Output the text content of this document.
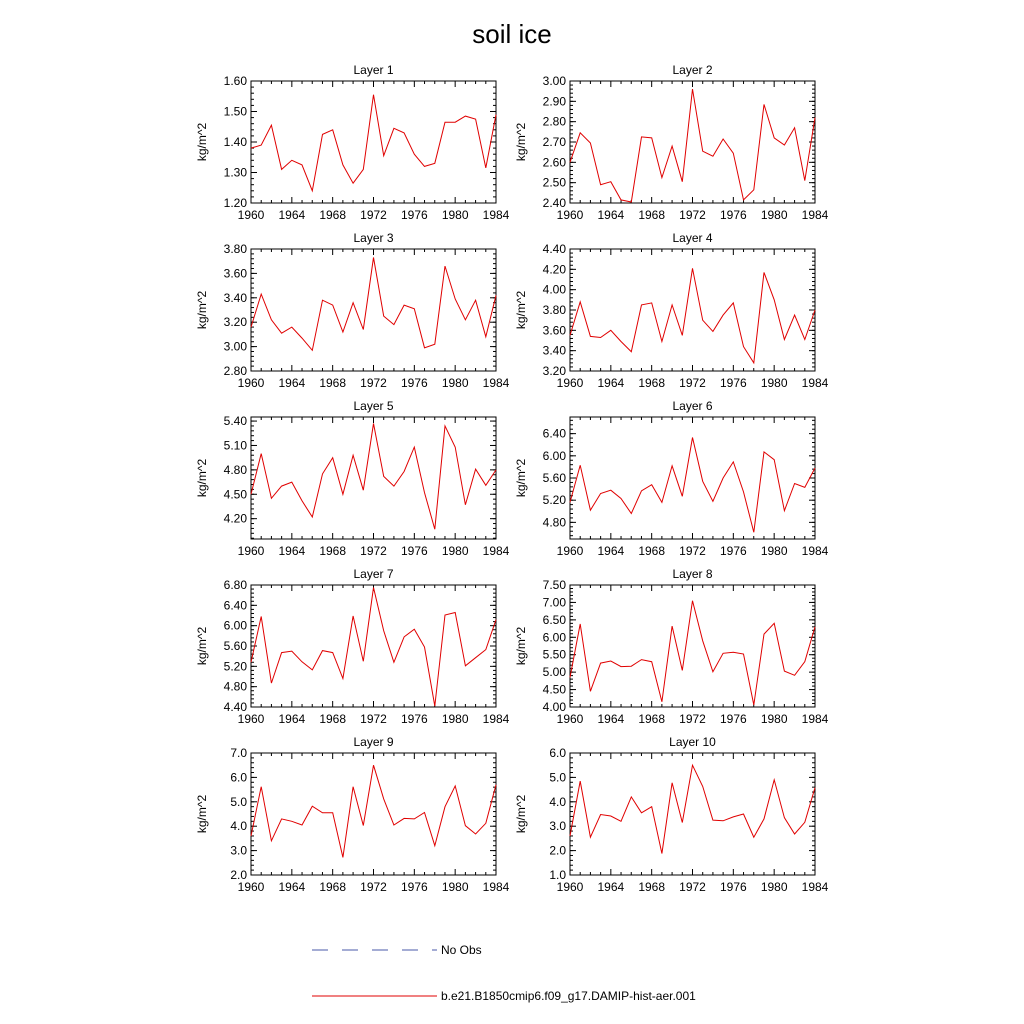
soil ice
Layer 1
1960 1964 1968 1972 1976 1980 1984
1.20
1.30
1.40
1.50
1.60
kg/m^2
Layer 2
1960 1964 1968 1972 1976 1980 1984
2.40
2.50
2.60
2.70
2.80
2.90
3.00
kg/m^2
Layer 3
1960 1964 1968 1972 1976 1980 1984
2.80
3.00
3.20
3.40
3.60
3.80
kg/m^2
Layer 4
1960 1964 1968 1972 1976 1980 1984
3.20
3.40
3.60
3.80
4.00
4.20
4.40
kg/m^2
Layer 5
1960 1964 1968 1972 1976 1980 1984
4.20
4.50
4.80
5.10
5.40
kg/m^2
Layer 6
1960 1964 1968 1972 1976 1980 1984
4.80
5.20
5.60
6.00
6.40
kg/m^2
Layer 7
1960 1964 1968 1972 1976 1980 1984
4.40
4.80
5.20
5.60
6.00
6.40
6.80
kg/m^2
Layer 8
1960 1964 1968 1972 1976 1980 1984
4.00
4.50
5.00
5.50
6.00
6.50
7.00
7.50
kg/m^2
Layer 9
1960 1964 1968 1972 1976 1980 1984
2.0
3.0
4.0
5.0
6.0
7.0
kg/m^2
Layer 10
1960 1964 1968 1972 1976 1980 1984
1.0
2.0
3.0
4.0
5.0
6.0
kg/m^2
No Obs
b.e21.B1850cmip6.f09_g17.DAMIP-hist-aer.001
